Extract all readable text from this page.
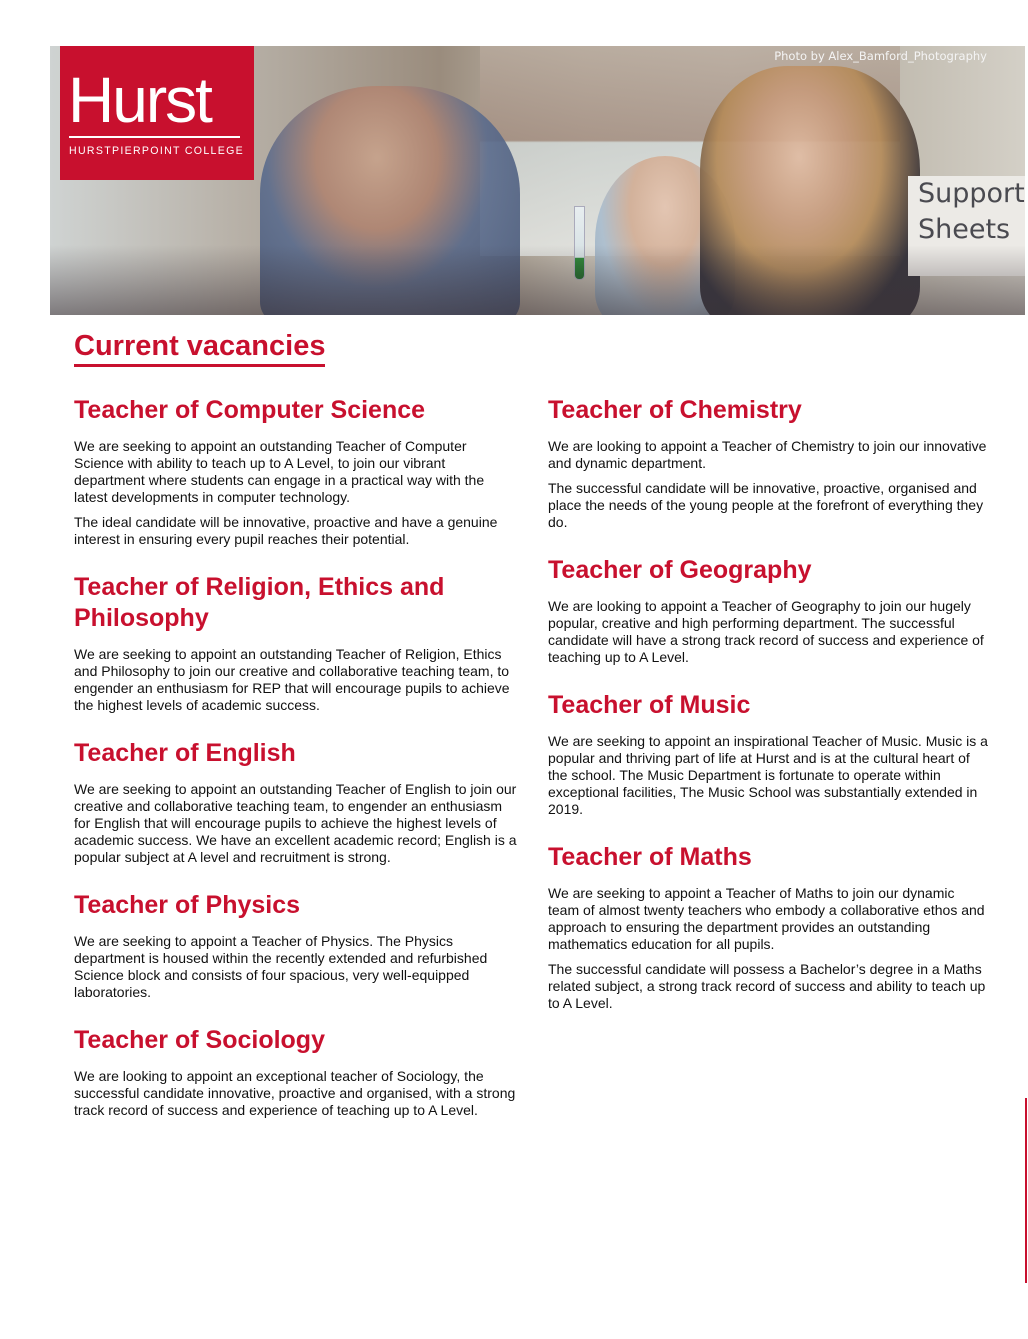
Support
Sheets
Photo by Alex_Bamford_Photography
Hurst
HURSTPIERPOINT COLLEGE
Current vacancies
Teacher of Computer Science

We are seeking to appoint an outstanding Teacher of Computer Science with ability to teach up to A Level, to join our vibrant department where students can engage in a practical way with the latest developments in computer technology.

The ideal candidate will be innovative, proactive and have a genuine interest in ensuring every pupil reaches their potential.

Teacher of Religion, Ethics and Philosophy

We are seeking to appoint an outstanding Teacher of Religion, Ethics and Philosophy to join our creative and collaborative teaching team, to engender an enthusiasm for REP that will encourage pupils to achieve the highest levels of academic success.

Teacher of English

We are seeking to appoint an outstanding Teacher of English to join our creative and collaborative teaching team, to engender an enthusiasm for English that will encourage pupils to achieve the highest levels of academic success. We have an excellent academic record; English is a popular subject at A level and recruitment is strong.

Teacher of Physics

We are seeking to appoint a Teacher of Physics. The Physics department is housed within the recently extended and refurbished Science block and consists of four spacious, very well-equipped laboratories.

Teacher of Sociology

We are looking to appoint an exceptional teacher of Sociology, the successful candidate innovative, proactive and organised, with a strong track record of success and experience of teaching up to A Level.

Teacher of Chemistry

We are looking to appoint a Teacher of Chemistry to join our innovative and dynamic department.

The successful candidate will be innovative, proactive, organised and place the needs of the young people at the forefront of everything they do.

Teacher of Geography

We are looking to appoint a Teacher of Geography to join our hugely popular, creative and high performing department. The successful candidate will have a strong track record of success and experience of teaching up to A Level.

Teacher of Music

We are seeking to appoint an inspirational Teacher of Music. Music is a popular and thriving part of life at Hurst and is at the cultural heart of the school. The Music Department is fortunate to operate within exceptional facilities, The Music School was substantially extended in 2019.

Teacher of Maths

We are seeking to appoint a Teacher of Maths to join our dynamic team of almost twenty teachers who embody a collaborative ethos and approach to ensuring the department provides an outstanding mathematics education for all pupils.

The successful candidate will possess a Bachelor’s degree in a Maths related subject, a strong track record of success and ability to teach up to A Level.
